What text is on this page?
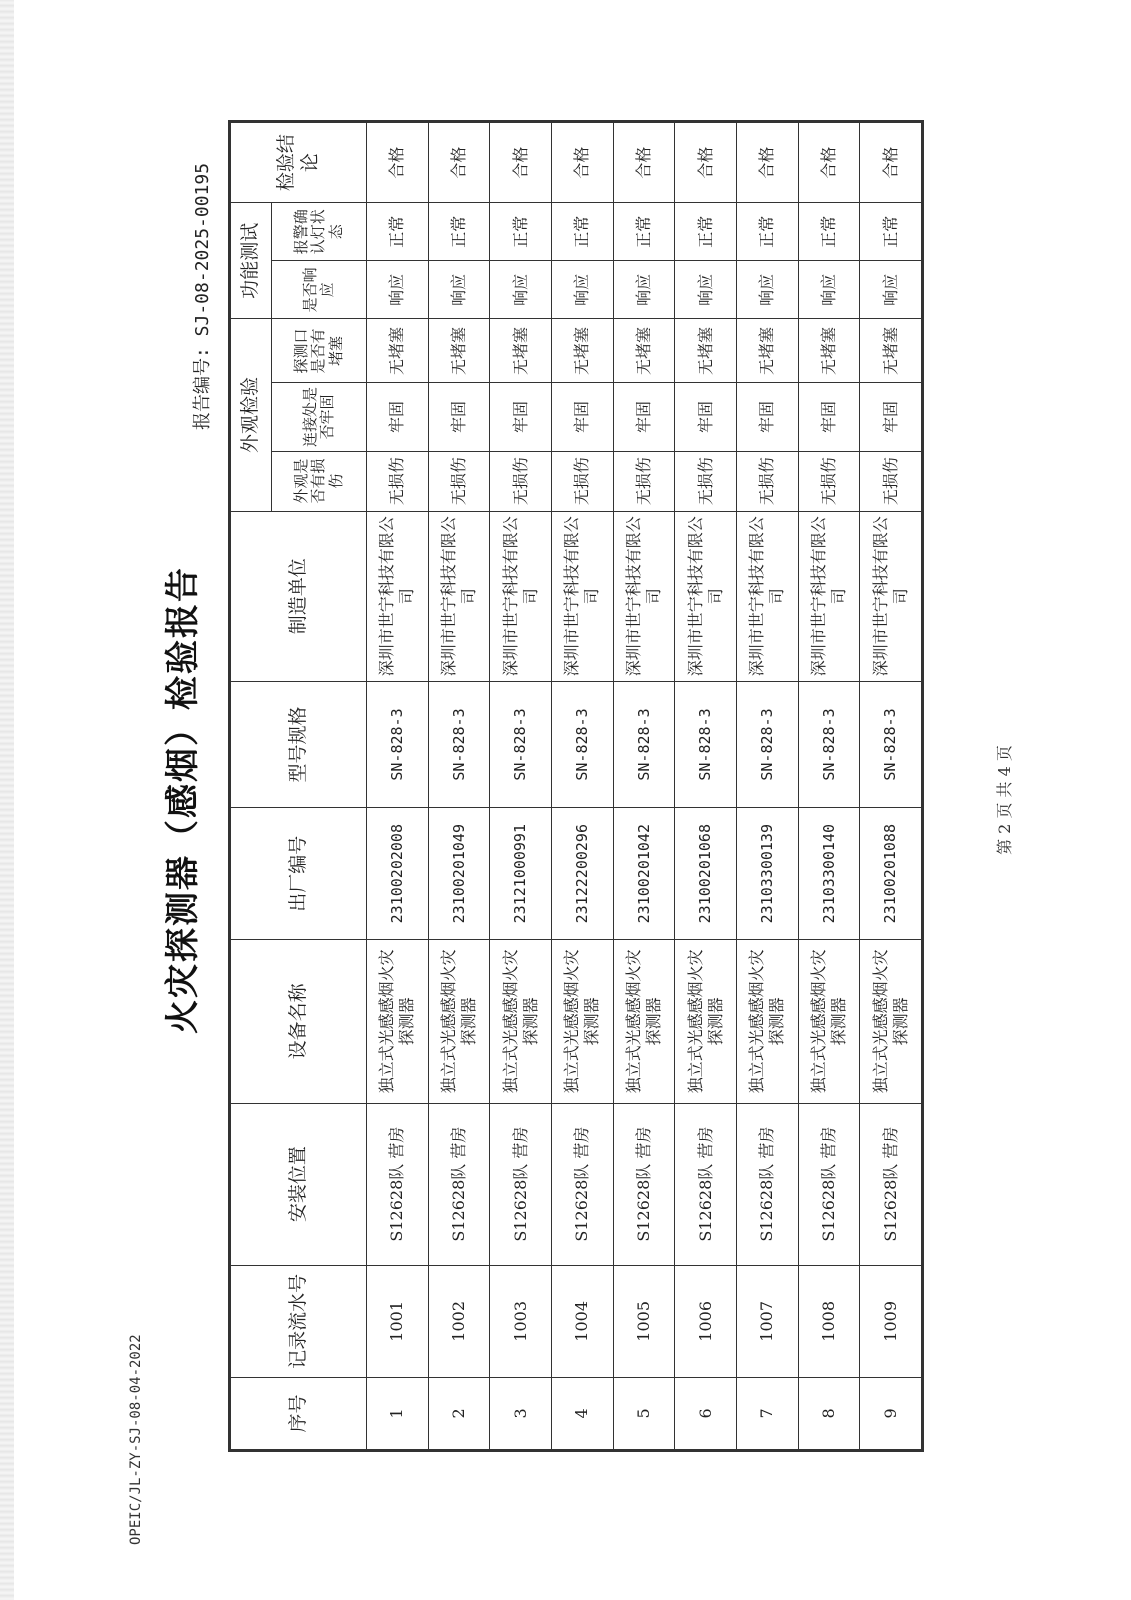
OPEIC/JL-ZY-SJ-08-04-2022
火灾探测器（感烟）检验报告
报告编号: SJ-08-2025-00195
序号	记录流水号	安装位置	设备名称	出厂编号	型号规格	制造单位	外观检验			功能测试		检验结论
							外观是否有损伤	连接处是否牢固	探测口是否有堵塞	是否响应	报警确认灯状态	
1	1001	S12628队 营房	独立式光感感烟火灾探测器	23100202008	SN-828-3	深圳市世宁科技有限公司	无损伤	牢固	无堵塞	响应	正常	合格
2	1002	S12628队 营房	独立式光感感烟火灾探测器	23100201049	SN-828-3	深圳市世宁科技有限公司	无损伤	牢固	无堵塞	响应	正常	合格
3	1003	S12628队 营房	独立式光感感烟火灾探测器	23121000991	SN-828-3	深圳市世宁科技有限公司	无损伤	牢固	无堵塞	响应	正常	合格
4	1004	S12628队 营房	独立式光感感烟火灾探测器	23122200296	SN-828-3	深圳市世宁科技有限公司	无损伤	牢固	无堵塞	响应	正常	合格
5	1005	S12628队 营房	独立式光感感烟火灾探测器	23100201042	SN-828-3	深圳市世宁科技有限公司	无损伤	牢固	无堵塞	响应	正常	合格
6	1006	S12628队 营房	独立式光感感烟火灾探测器	23100201068	SN-828-3	深圳市世宁科技有限公司	无损伤	牢固	无堵塞	响应	正常	合格
7	1007	S12628队 营房	独立式光感感烟火灾探测器	23103300139	SN-828-3	深圳市世宁科技有限公司	无损伤	牢固	无堵塞	响应	正常	合格
8	1008	S12628队 营房	独立式光感感烟火灾探测器	23103300140	SN-828-3	深圳市世宁科技有限公司	无损伤	牢固	无堵塞	响应	正常	合格
9	1009	S12628队 营房	独立式光感感烟火灾探测器	23100201088	SN-828-3	深圳市世宁科技有限公司	无损伤	牢固	无堵塞	响应	正常	合格
第 2 页 共 4 页
